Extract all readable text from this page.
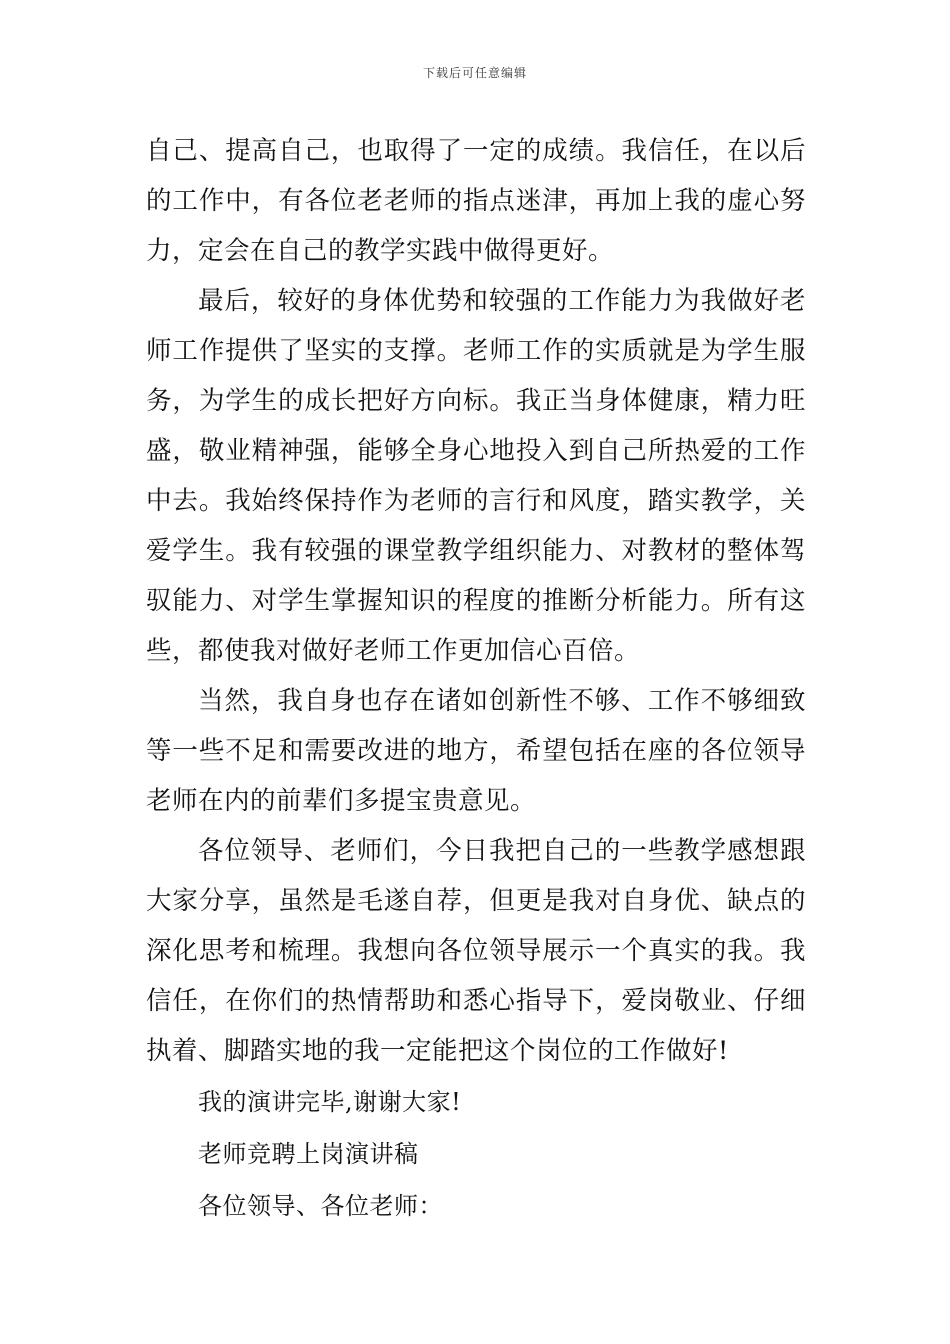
下载后可任意编辑

自己、提高自己，也取得了一定的成绩。我信任，在以后的工作中，有各位老老师的指点迷津，再加上我的虚心努力，定会在自己的教学实践中做得更好。

最后，较好的身体优势和较强的工作能力为我做好老师工作提供了坚实的支撑。老师工作的实质就是为学生服务，为学生的成长把好方向标。我正当身体健康，精力旺盛，敬业精神强，能够全身心地投入到自己所热爱的工作中去。我始终保持作为老师的言行和风度，踏实教学，关爱学生。我有较强的课堂教学组织能力、对教材的整体驾驭能力、对学生掌握知识的程度的推断分析能力。所有这些，都使我对做好老师工作更加信心百倍。

当然，我自身也存在诸如创新性不够、工作不够细致等一些不足和需要改进的地方，希望包括在座的各位领导老师在内的前辈们多提宝贵意见。

各位领导、老师们，今日我把自己的一些教学感想跟大家分享，虽然是毛遂自荐，但更是我对自身优、缺点的深化思考和梳理。我想向各位领导展示一个真实的我。我信任，在你们的热情帮助和悉心指导下，爱岗敬业、仔细执着、脚踏实地的我一定能把这个岗位的工作做好!

我的演讲完毕,谢谢大家!

老师竞聘上岗演讲稿

各位领导、各位老师：
